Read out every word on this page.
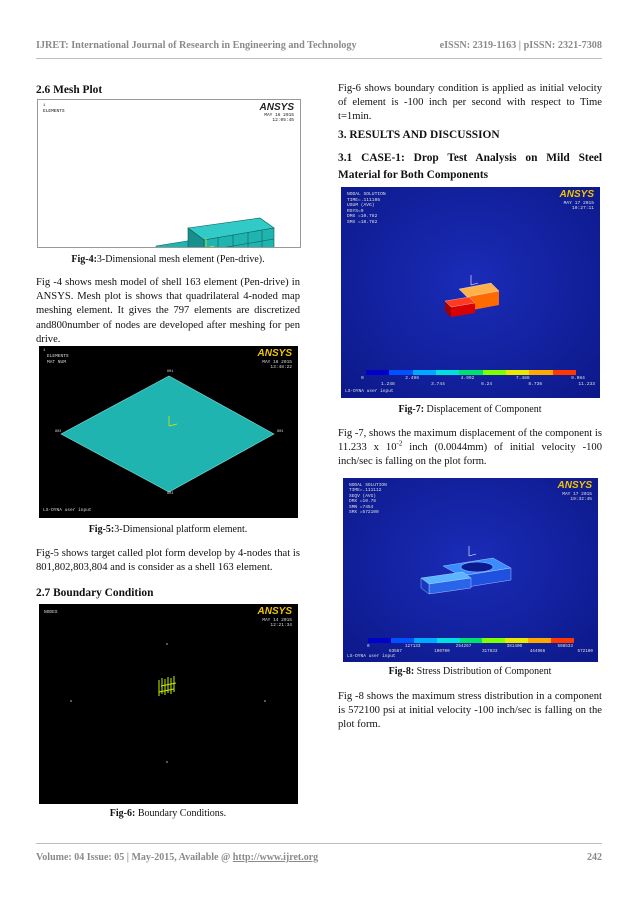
IJRET: International Journal of Research in Engineering and Technology	eISSN: 2319-1163 | pISSN: 2321-7308

2.6 Mesh Plot

1
ELEMENTS	ANSYS
MAY 16 2015
12:05:45
Fig-4:3-Dimensional mesh element (Pen-drive).

Fig -4 shows mesh model of shell 163 element (Pen-drive) in ANSYS. Mesh plot is shows that quadrilateral 4-noded map meshing element. It gives the 797 elements are discretized and800number of nodes are developed after meshing for pen drive.

1
ELEMENTS
MAT NUM
ANSYS
MAY 16 2015
13:48:22
801
802	804
803
LS-DYNA user input
Fig-5:3-Dimensional platform element.

Fig-5 shows target called plot form develop by 4-nodes that is 801,802,803,804 and is consider as a shell 163 element.

2.7 Boundary Condition

NODES	ANSYS
MAY 14 2015
12:21:34
Fig-6: Boundary Conditions.

Fig-6 shows boundary condition is applied as initial velocity of element is -100 inch per second with respect to Time t=1min.

3. RESULTS AND DISCUSSION

3.1 CASE-1: Drop Test Analysis on Mild Steel Material for Both Components

NODAL SOLUTION
TIME=.111105
USUM (AVG)
RSYS=0
DMX =10.782
SMX =10.782
ANSYS
MAY 17 2015
19:27:11
0	2.496	4.992	7.488	9.984
1.248	3.744	6.24	8.736	11.233
LS-DYNA user input
Fig-7: Displacement of Component

Fig -7, shows the maximum displacement of the component is 11.233 x $10^{-2}$ inch (0.0044mm) of initial velocity -100 inch/sec is falling on the plot form.

NODAL SOLUTION
TIME=.111112
SEQV (AVG)
DMX =10.78
SMN =7454
SMX =572100
ANSYS
MAY 17 2015
19:32:45
0	127133	254267	381400	508533
63567	190700	317833	444966	572100
LS-DYNA user input
Fig-8: Stress Distribution of Component

Fig -8 shows the maximum stress distribution in a component is 572100 psi at initial velocity -100 inch/sec is falling on the plot form.

Volume: 04 Issue: 05 | May-2015, Available @ http://www.ijret.org	242
